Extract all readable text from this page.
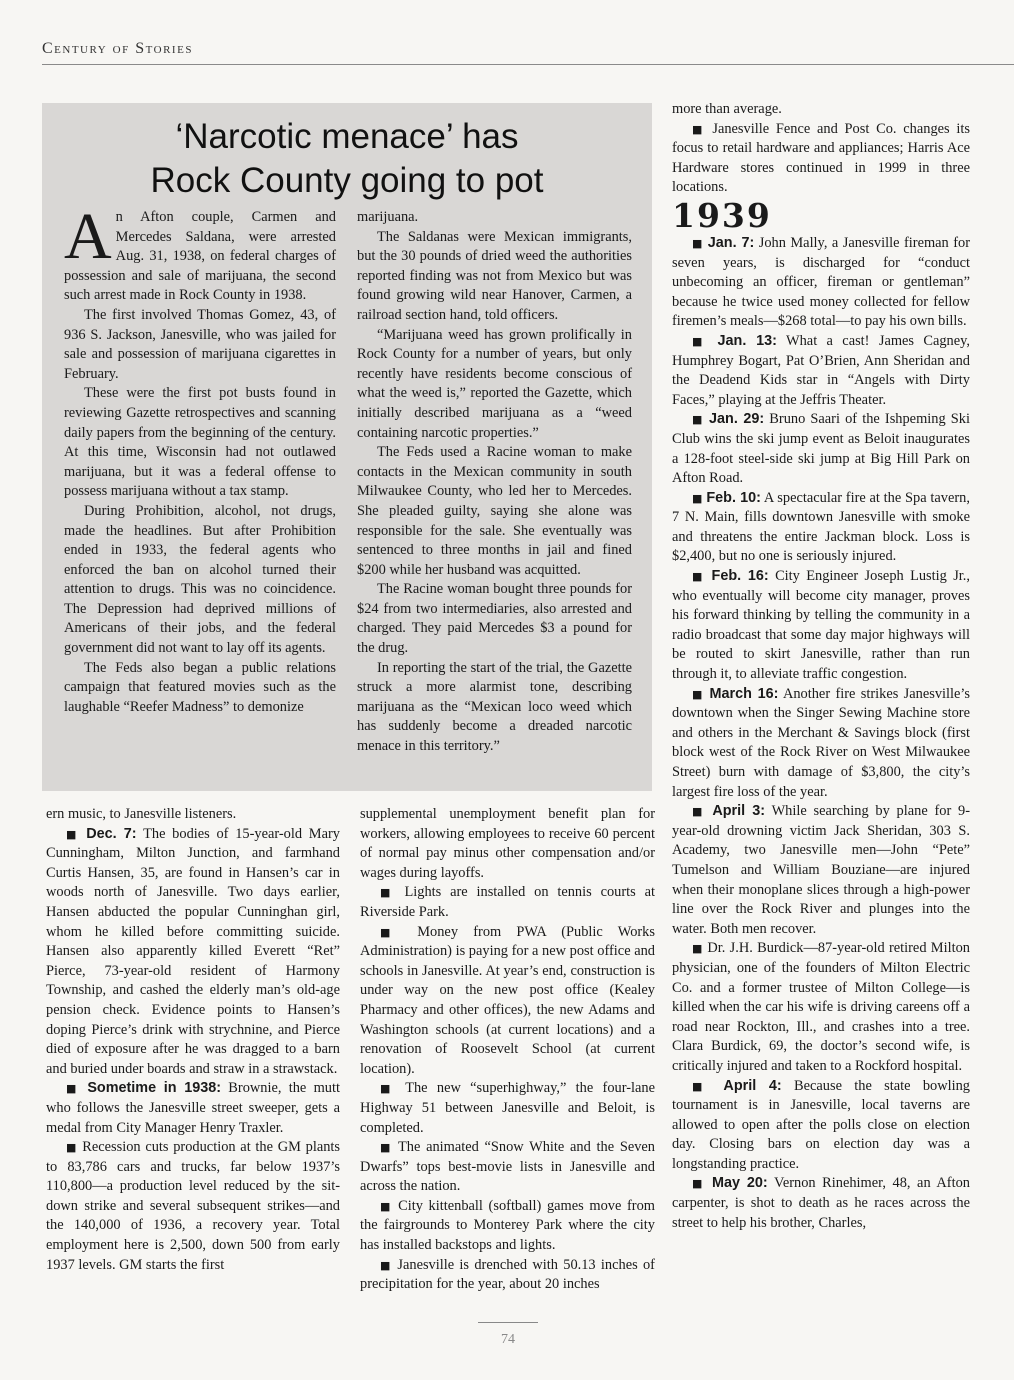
Century of Stories
‘Narcotic menace’ has
Rock County going to pot

An Afton couple, Carmen and Mercedes Saldana, were arrested Aug. 31, 1938, on federal charges of possession and sale of marijuana, the second such arrest made in Rock County in 1938.

The first involved Thomas Gomez, 43, of 936 S. Jackson, Janesville, who was jailed for sale and possession of marijuana cigarettes in February.

These were the first pot busts found in reviewing Gazette retrospectives and scanning daily papers from the beginning of the century. At this time, Wisconsin had not outlawed marijuana, but it was a federal offense to possess marijuana without a tax stamp.

During Prohibition, alcohol, not drugs, made the headlines. But after Prohibition ended in 1933, the federal agents who enforced the ban on alcohol turned their attention to drugs. This was no coincidence. The Depression had deprived millions of Americans of their jobs, and the federal government did not want to lay off its agents.

The Feds also began a public relations campaign that featured movies such as the laughable “Reefer Madness” to demonize

marijuana.

The Saldanas were Mexican immigrants, but the 30 pounds of dried weed the authorities reported finding was not from Mexico but was found growing wild near Hanover, Carmen, a railroad section hand, told officers.

“Marijuana weed has grown prolifically in Rock County for a number of years, but only recently have residents become conscious of what the weed is,” reported the Gazette, which initially described marijuana as a “weed containing narcotic properties.”

The Feds used a Racine woman to make contacts in the Mexican community in south Milwaukee County, who led her to Mercedes. She pleaded guilty, saying she alone was responsible for the sale. She eventually was sentenced to three months in jail and fined $200 while her husband was acquitted.

The Racine woman bought three pounds for $24 from two intermediaries, also arrested and charged. They paid Mercedes $3 a pound for the drug.

In reporting the start of the trial, the Gazette struck a more alarmist tone, describing marijuana as the “Mexican loco weed which has suddenly become a dreaded narcotic menace in this territory.”

ern music, to Janesville listeners.

■ Dec. 7: The bodies of 15-year-old Mary Cunningham, Milton Junction, and farmhand Curtis Hansen, 35, are found in Hansen’s car in woods north of Janesville. Two days earlier, Hansen abducted the popular Cunninghan girl, whom he killed before committing suicide. Hansen also apparently killed Everett “Ret” Pierce, 73-year-old resident of Harmony Township, and cashed the elderly man’s old-age pension check. Evidence points to Hansen’s doping Pierce’s drink with strychnine, and Pierce died of exposure after he was dragged to a barn and buried under boards and straw in a strawstack.

■ Sometime in 1938: Brownie, the mutt who follows the Janesville street sweeper, gets a medal from City Manager Henry Traxler.

■ Recession cuts production at the GM plants to 83,786 cars and trucks, far below 1937’s 110,800—a production level reduced by the sit-down strike and several subsequent strikes—and the 140,000 of 1936, a recovery year. Total employment here is 2,500, down 500 from early 1937 levels. GM starts the first

supplemental unemployment benefit plan for workers, allowing employees to receive 60 percent of normal pay minus other compensation and/or wages during layoffs.

■ Lights are installed on tennis courts at Riverside Park.

■ Money from PWA (Public Works Administration) is paying for a new post office and schools in Janesville. At year’s end, construction is under way on the new post office (Kealey Pharmacy and other offices), the new Adams and Washington schools (at current locations) and a renovation of Roosevelt School (at current location).

■ The new “superhighway,” the four-lane Highway 51 between Janesville and Beloit, is completed.

■ The animated “Snow White and the Seven Dwarfs” tops best-movie lists in Janesville and across the nation.

■ City kittenball (softball) games move from the fairgrounds to Monterey Park where the city has installed backstops and lights.

■ Janesville is drenched with 50.13 inches of precipitation for the year, about 20 inches

more than average.

■ Janesville Fence and Post Co. changes its focus to retail hardware and appliances; Harris Ace Hardware stores continued in 1999 in three locations.

1939

■ Jan. 7: John Mally, a Janesville fireman for seven years, is discharged for “conduct unbecoming an officer, fireman or gentleman” because he twice used money collected for fellow firemen’s meals—$268 total—to pay his own bills.

■ Jan. 13: What a cast! James Cagney, Humphrey Bogart, Pat O’Brien, Ann Sheridan and the Deadend Kids star in “Angels with Dirty Faces,” playing at the Jeffris Theater.

■ Jan. 29: Bruno Saari of the Ishpeming Ski Club wins the ski jump event as Beloit inaugurates a 128-foot steel-side ski jump at Big Hill Park on Afton Road.

■ Feb. 10: A spectacular fire at the Spa tavern, 7 N. Main, fills downtown Janesville with smoke and threatens the entire Jackman block. Loss is $2,400, but no one is seriously injured.

■ Feb. 16: City Engineer Joseph Lustig Jr., who eventually will become city manager, proves his forward thinking by telling the community in a radio broadcast that some day major highways will be routed to skirt Janesville, rather than run through it, to alleviate traffic congestion.

■ March 16: Another fire strikes Janesville’s downtown when the Singer Sewing Machine store and others in the Merchant & Savings block (first block west of the Rock River on West Milwaukee Street) burn with damage of $3,800, the city’s largest fire loss of the year.

■ April 3: While searching by plane for 9-year-old drowning victim Jack Sheridan, 303 S. Academy, two Janesville men—John “Pete” Tumelson and William Bouziane—are injured when their monoplane slices through a high-power line over the Rock River and plunges into the water. Both men recover.

■ Dr. J.H. Burdick—87-year-old retired Milton physician, one of the founders of Milton Electric Co. and a former trustee of Milton College—is killed when the car his wife is driving careens off a road near Rockton, Ill., and crashes into a tree. Clara Burdick, 69, the doctor’s second wife, is critically injured and taken to a Rockford hospital.

■ April 4: Because the state bowling tournament is in Janesville, local taverns are allowed to open after the polls close on election day. Closing bars on election day was a longstanding practice.

■ May 20: Vernon Rinehimer, 48, an Afton carpenter, is shot to death as he races across the street to help his brother, Charles,

74
